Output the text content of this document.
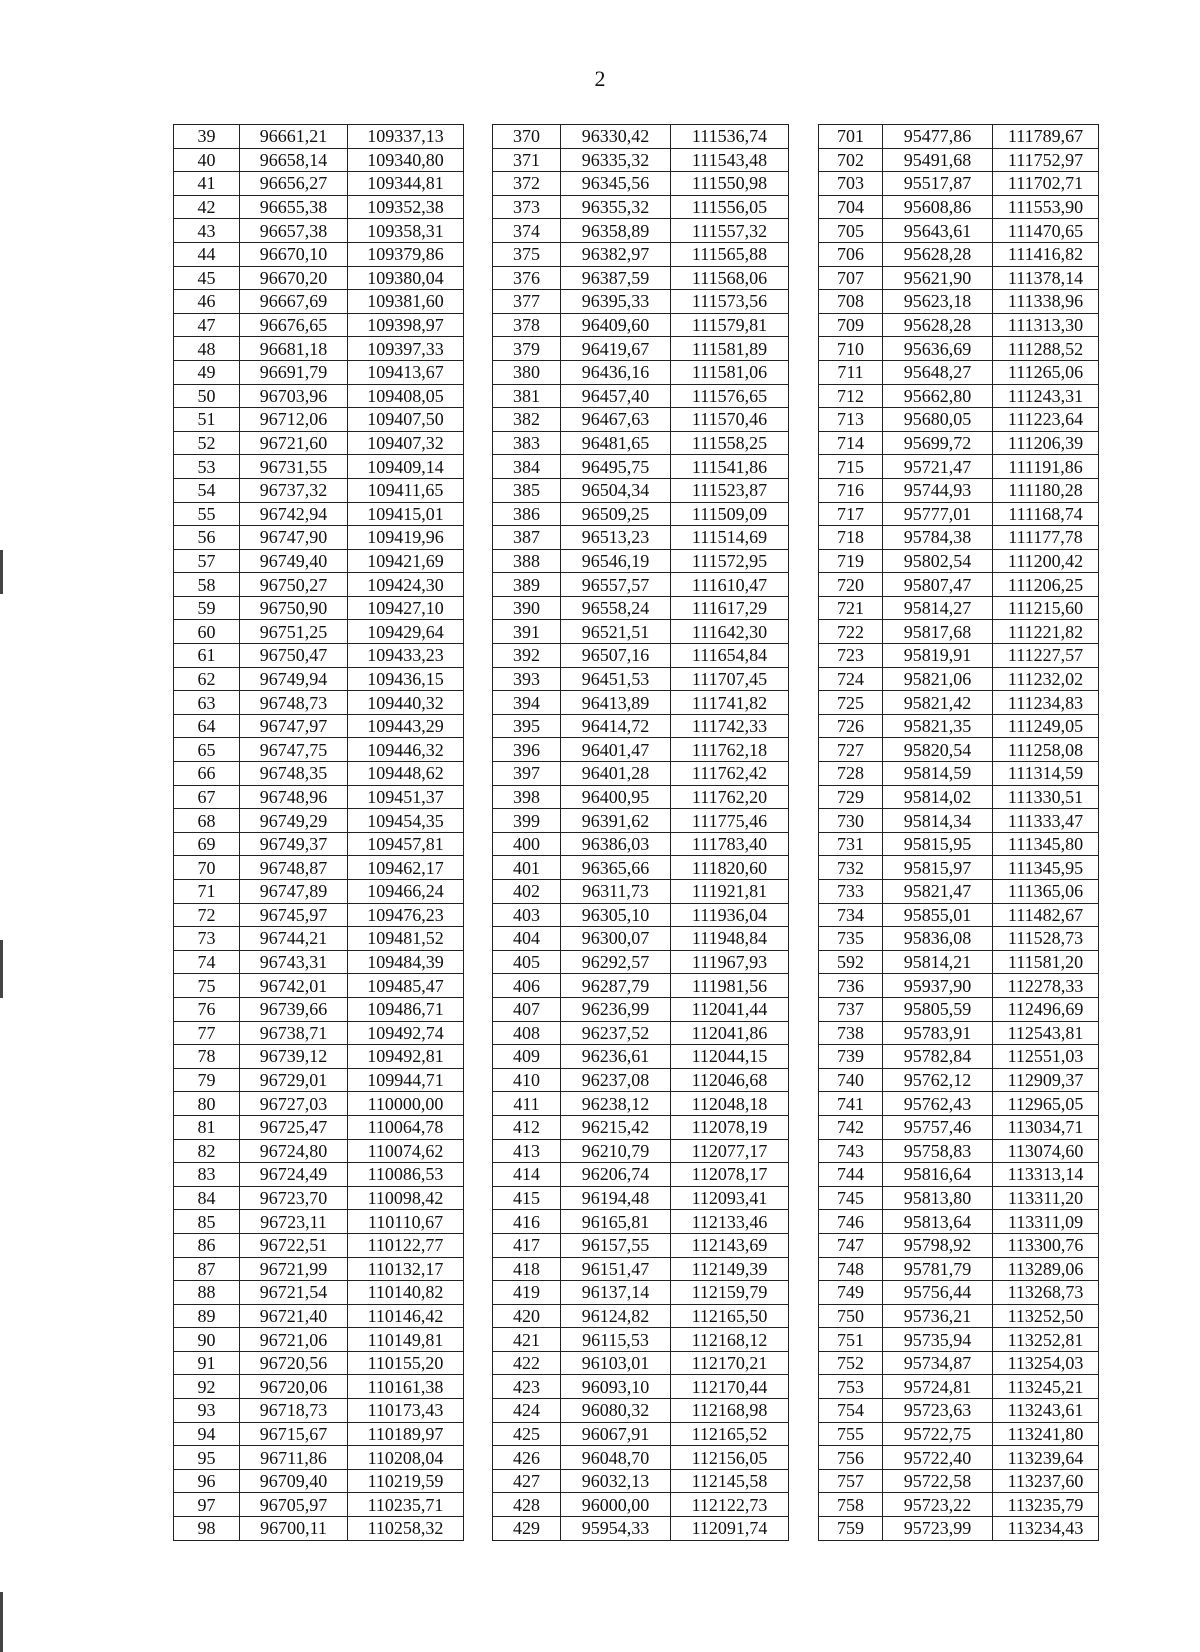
2
39	96661,21	109337,13		370	96330,42	111536,74		701	95477,86	111789,67
40	96658,14	109340,80		371	96335,32	111543,48		702	95491,68	111752,97
41	96656,27	109344,81		372	96345,56	111550,98		703	95517,87	111702,71
42	96655,38	109352,38		373	96355,32	111556,05		704	95608,86	111553,90
43	96657,38	109358,31		374	96358,89	111557,32		705	95643,61	111470,65
44	96670,10	109379,86		375	96382,97	111565,88		706	95628,28	111416,82
45	96670,20	109380,04		376	96387,59	111568,06		707	95621,90	111378,14
46	96667,69	109381,60		377	96395,33	111573,56		708	95623,18	111338,96
47	96676,65	109398,97		378	96409,60	111579,81		709	95628,28	111313,30
48	96681,18	109397,33		379	96419,67	111581,89		710	95636,69	111288,52
49	96691,79	109413,67		380	96436,16	111581,06		711	95648,27	111265,06
50	96703,96	109408,05		381	96457,40	111576,65		712	95662,80	111243,31
51	96712,06	109407,50		382	96467,63	111570,46		713	95680,05	111223,64
52	96721,60	109407,32		383	96481,65	111558,25		714	95699,72	111206,39
53	96731,55	109409,14		384	96495,75	111541,86		715	95721,47	111191,86
54	96737,32	109411,65		385	96504,34	111523,87		716	95744,93	111180,28
55	96742,94	109415,01		386	96509,25	111509,09		717	95777,01	111168,74
56	96747,90	109419,96		387	96513,23	111514,69		718	95784,38	111177,78
57	96749,40	109421,69		388	96546,19	111572,95		719	95802,54	111200,42
58	96750,27	109424,30		389	96557,57	111610,47		720	95807,47	111206,25
59	96750,90	109427,10		390	96558,24	111617,29		721	95814,27	111215,60
60	96751,25	109429,64		391	96521,51	111642,30		722	95817,68	111221,82
61	96750,47	109433,23		392	96507,16	111654,84		723	95819,91	111227,57
62	96749,94	109436,15		393	96451,53	111707,45		724	95821,06	111232,02
63	96748,73	109440,32		394	96413,89	111741,82		725	95821,42	111234,83
64	96747,97	109443,29		395	96414,72	111742,33		726	95821,35	111249,05
65	96747,75	109446,32		396	96401,47	111762,18		727	95820,54	111258,08
66	96748,35	109448,62		397	96401,28	111762,42		728	95814,59	111314,59
67	96748,96	109451,37		398	96400,95	111762,20		729	95814,02	111330,51
68	96749,29	109454,35		399	96391,62	111775,46		730	95814,34	111333,47
69	96749,37	109457,81		400	96386,03	111783,40		731	95815,95	111345,80
70	96748,87	109462,17		401	96365,66	111820,60		732	95815,97	111345,95
71	96747,89	109466,24		402	96311,73	111921,81		733	95821,47	111365,06
72	96745,97	109476,23		403	96305,10	111936,04		734	95855,01	111482,67
73	96744,21	109481,52		404	96300,07	111948,84		735	95836,08	111528,73
74	96743,31	109484,39		405	96292,57	111967,93		592	95814,21	111581,20
75	96742,01	109485,47		406	96287,79	111981,56		736	95937,90	112278,33
76	96739,66	109486,71		407	96236,99	112041,44		737	95805,59	112496,69
77	96738,71	109492,74		408	96237,52	112041,86		738	95783,91	112543,81
78	96739,12	109492,81		409	96236,61	112044,15		739	95782,84	112551,03
79	96729,01	109944,71		410	96237,08	112046,68		740	95762,12	112909,37
80	96727,03	110000,00		411	96238,12	112048,18		741	95762,43	112965,05
81	96725,47	110064,78		412	96215,42	112078,19		742	95757,46	113034,71
82	96724,80	110074,62		413	96210,79	112077,17		743	95758,83	113074,60
83	96724,49	110086,53		414	96206,74	112078,17		744	95816,64	113313,14
84	96723,70	110098,42		415	96194,48	112093,41		745	95813,80	113311,20
85	96723,11	110110,67		416	96165,81	112133,46		746	95813,64	113311,09
86	96722,51	110122,77		417	96157,55	112143,69		747	95798,92	113300,76
87	96721,99	110132,17		418	96151,47	112149,39		748	95781,79	113289,06
88	96721,54	110140,82		419	96137,14	112159,79		749	95756,44	113268,73
89	96721,40	110146,42		420	96124,82	112165,50		750	95736,21	113252,50
90	96721,06	110149,81		421	96115,53	112168,12		751	95735,94	113252,81
91	96720,56	110155,20		422	96103,01	112170,21		752	95734,87	113254,03
92	96720,06	110161,38		423	96093,10	112170,44		753	95724,81	113245,21
93	96718,73	110173,43		424	96080,32	112168,98		754	95723,63	113243,61
94	96715,67	110189,97		425	96067,91	112165,52		755	95722,75	113241,80
95	96711,86	110208,04		426	96048,70	112156,05		756	95722,40	113239,64
96	96709,40	110219,59		427	96032,13	112145,58		757	95722,58	113237,60
97	96705,97	110235,71		428	96000,00	112122,73		758	95723,22	113235,79
98	96700,11	110258,32		429	95954,33	112091,74		759	95723,99	113234,43
